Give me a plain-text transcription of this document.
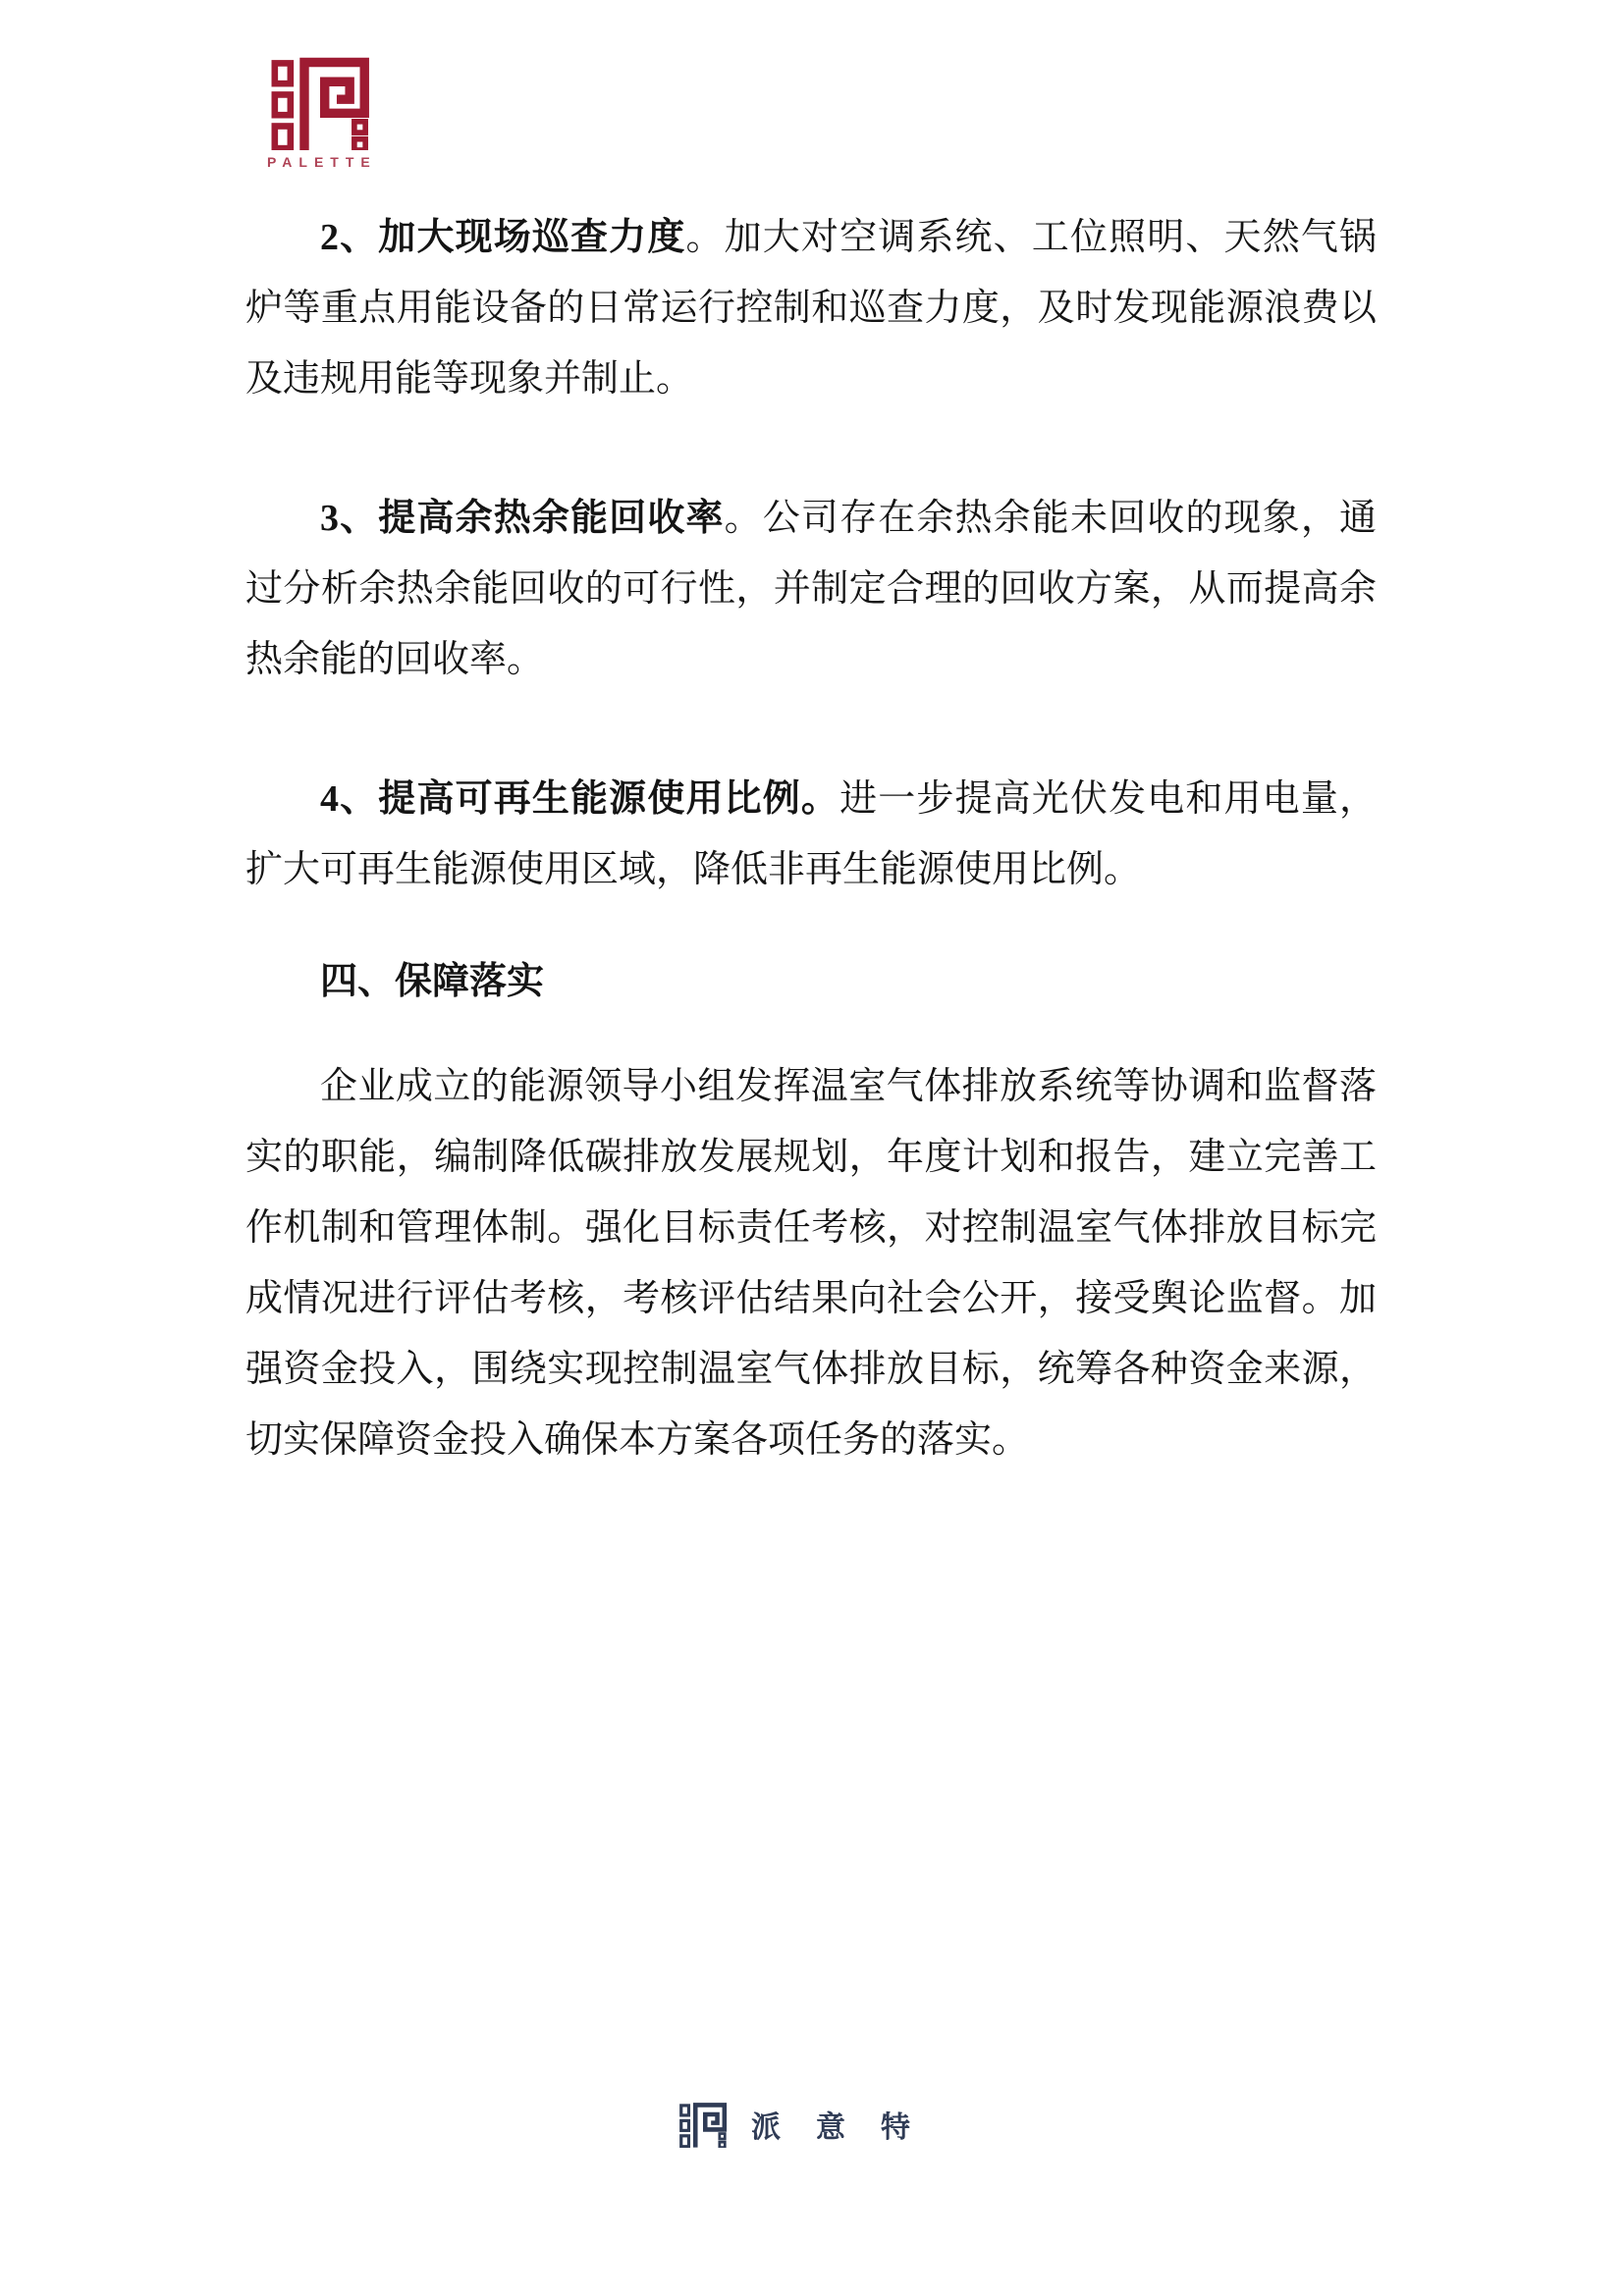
PALETTE

2、加大现场巡查力度。加大对空调系统、工位照明、天然气锅炉等重点用能设备的日常运行控制和巡查力度，及时发现能源浪费以及违规用能等现象并制止。

3、提高余热余能回收率。公司存在余热余能未回收的现象，通过分析余热余能回收的可行性，并制定合理的回收方案，从而提高余热余能的回收率。

4、提高可再生能源使用比例。进一步提高光伏发电和用电量，扩大可再生能源使用区域，降低非再生能源使用比例。

四、保障落实

企业成立的能源领导小组发挥温室气体排放系统等协调和监督落实的职能，编制降低碳排放发展规划，年度计划和报告，建立完善工作机制和管理体制。强化目标责任考核，对控制温室气体排放目标完成情况进行评估考核，考核评估结果向社会公开，接受舆论监督。加强资金投入，围绕实现控制温室气体排放目标，统筹各种资金来源，切实保障资金投入确保本方案各项任务的落实。

派意特
